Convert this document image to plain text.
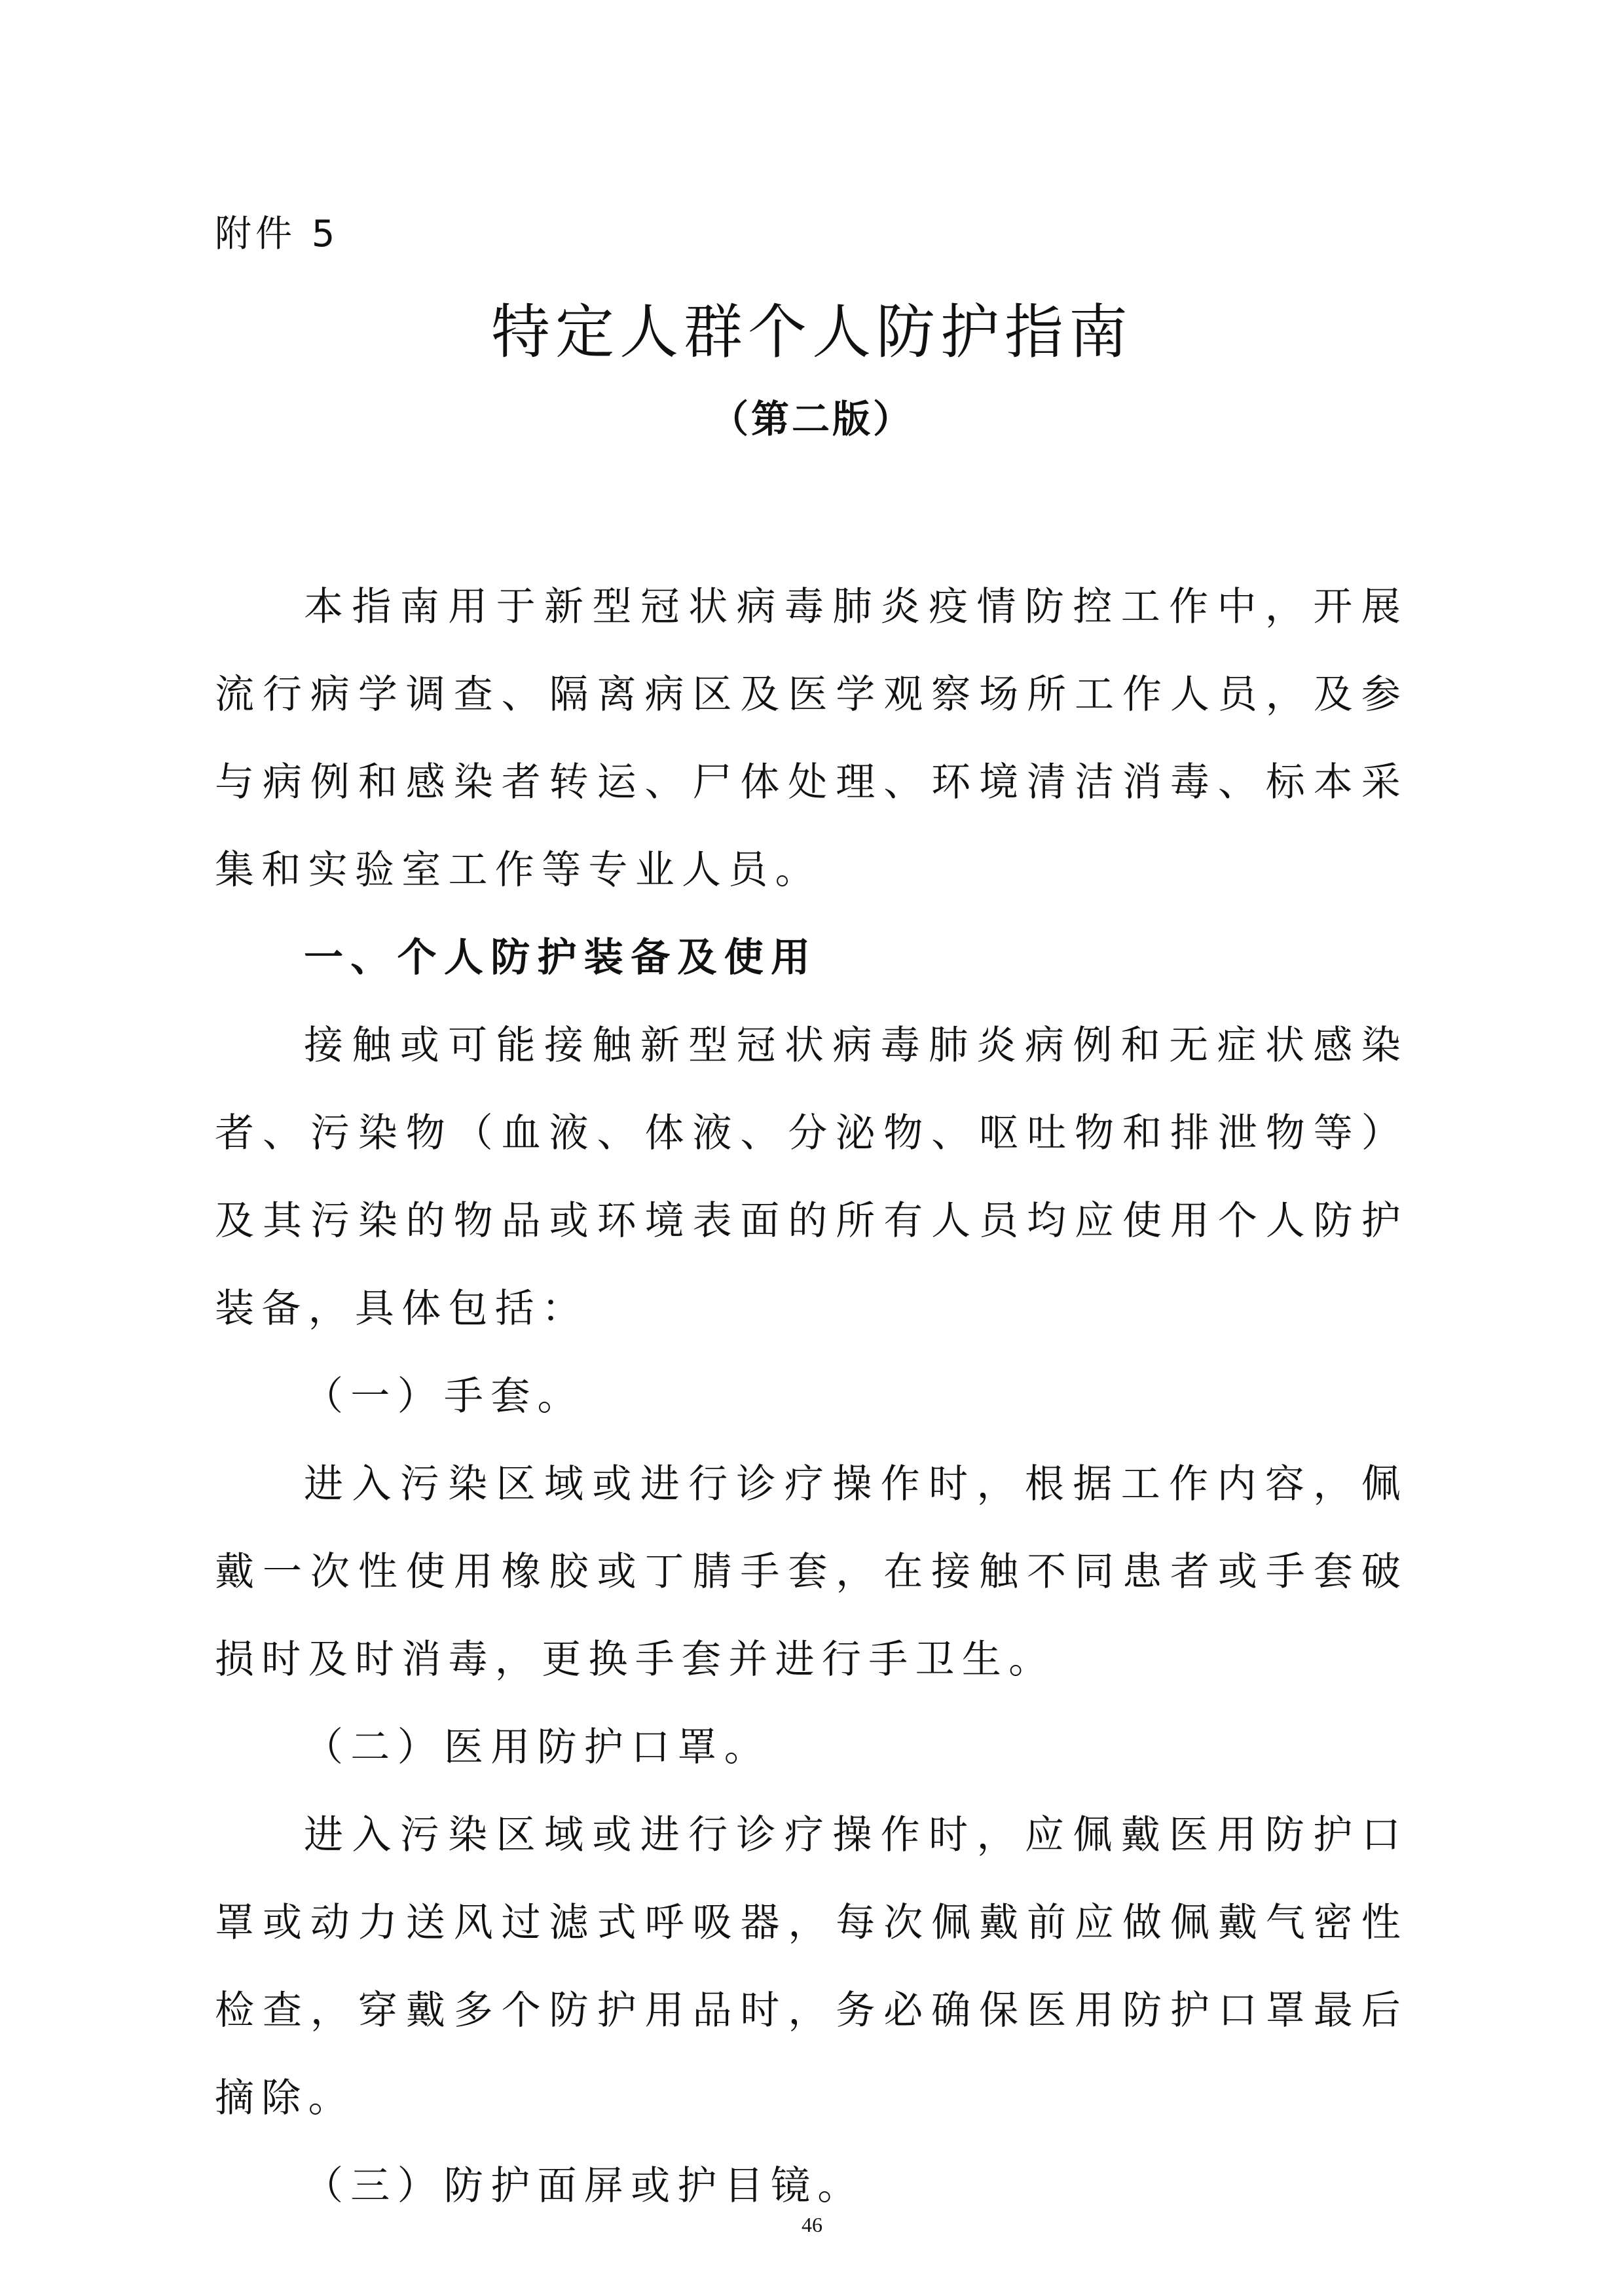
附件 5
特定人群个人防护指南
（第二版）

本指南用于新型冠状病毒肺炎疫情防控工作中，开展流行病学调查、隔离病区及医学观察场所工作人员，及参与病例和感染者转运、尸体处理、环境清洁消毒、标本采集和实验室工作等专业人员。

一、个人防护装备及使用

接触或可能接触新型冠状病毒肺炎病例和无症状感染者、污染物（血液、体液、分泌物、呕吐物和排泄物等）及其污染的物品或环境表面的所有人员均应使用个人防护装备，具体包括：

（一）手套。

进入污染区域或进行诊疗操作时，根据工作内容，佩戴一次性使用橡胶或丁腈手套，在接触不同患者或手套破损时及时消毒，更换手套并进行手卫生。

（二）医用防护口罩。

进入污染区域或进行诊疗操作时，应佩戴医用防护口罩或动力送风过滤式呼吸器，每次佩戴前应做佩戴气密性检查，穿戴多个防护用品时，务必确保医用防护口罩最后摘除。

（三）防护面屏或护目镜。

46
